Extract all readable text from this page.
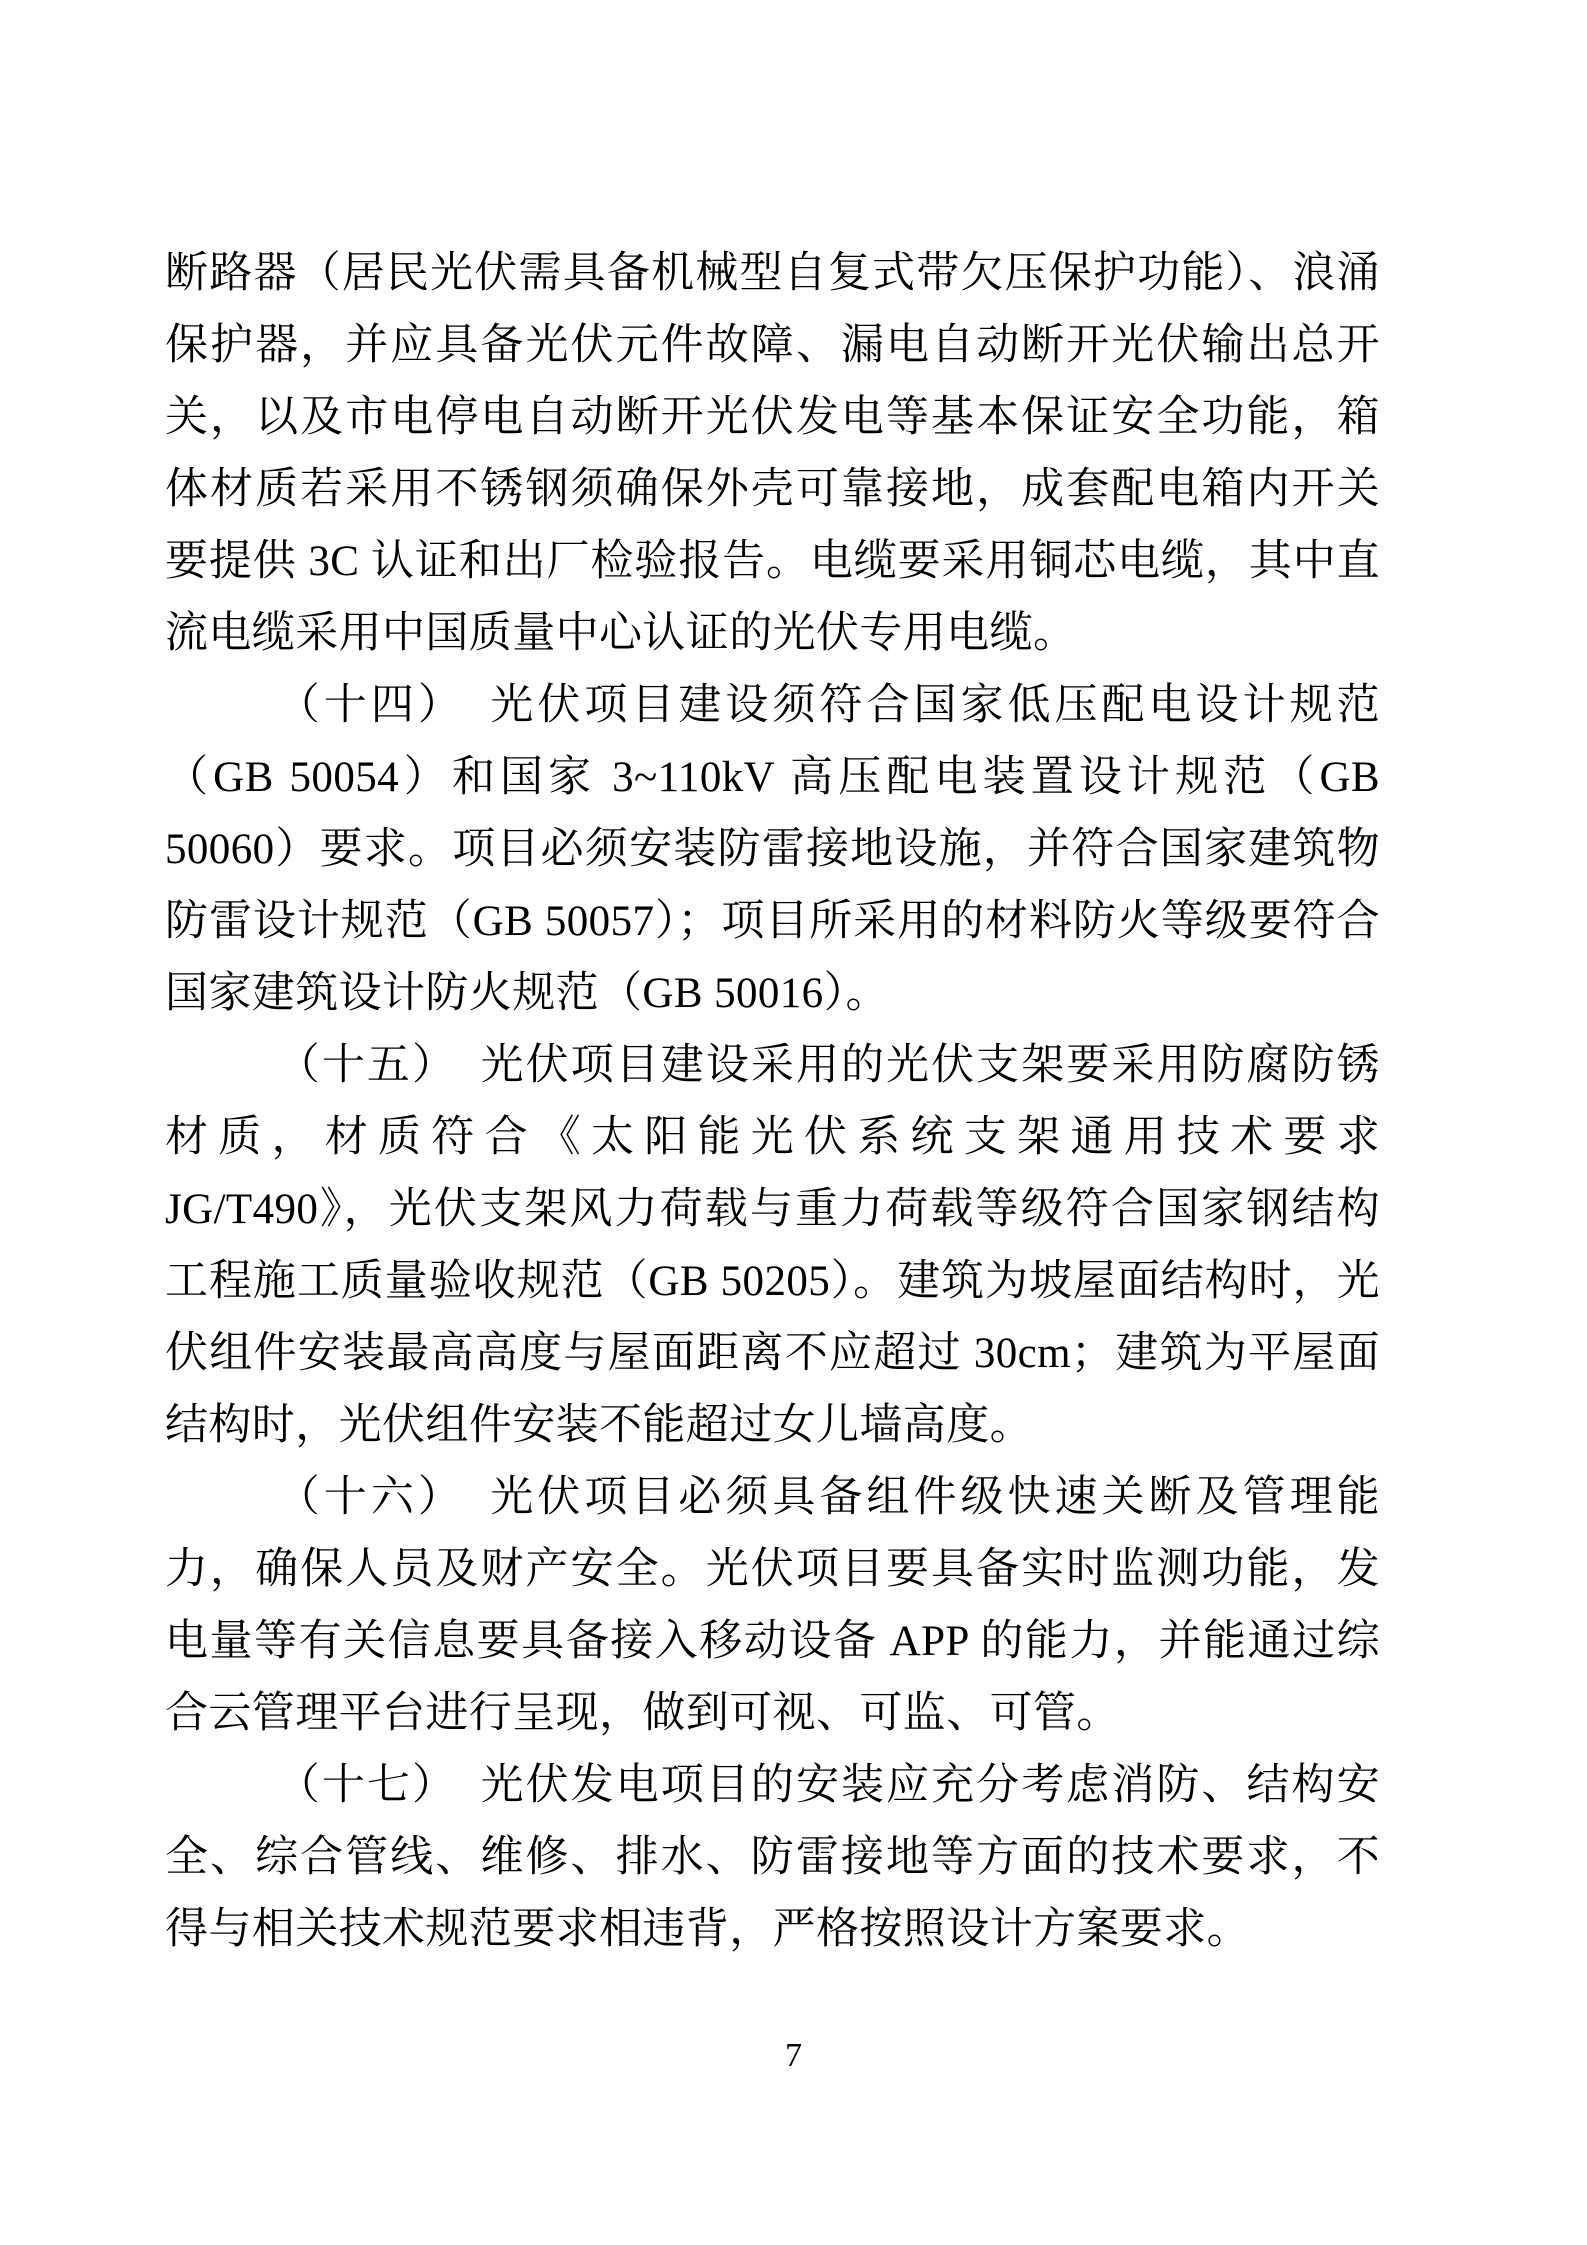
断路器（居民光伏需具备机械型自复式带欠压保护功能）、浪涌保护器，并应具备光伏元件故障、漏电自动断开光伏输出总开关，以及市电停电自动断开光伏发电等基本保证安全功能，箱体材质若采用不锈钢须确保外壳可靠接地，成套配电箱内开关要提供 3C 认证和出厂检验报告。电缆要采用铜芯电缆，其中直流电缆采用中国质量中心认证的光伏专用电缆。

（十四）　光伏项目建设须符合国家低压配电设计规范（GB 50054）和国家 3~110kV 高压配电装置设计规范（GB 50060）要求。项目必须安装防雷接地设施，并符合国家建筑物防雷设计规范（GB 50057）；项目所采用的材料防火等级要符合国家建筑设计防火规范（GB 50016）。

（十五）　光伏项目建设采用的光伏支架要采用防腐防锈材质，材质符合《太阳能光伏系统支架通用技术要求 JG/T490》，光伏支架风力荷载与重力荷载等级符合国家钢结构工程施工质量验收规范（GB 50205）。建筑为坡屋面结构时，光伏组件安装最高高度与屋面距离不应超过 30cm；建筑为平屋面结构时，光伏组件安装不能超过女儿墙高度。

（十六）　光伏项目必须具备组件级快速关断及管理能力，确保人员及财产安全。光伏项目要具备实时监测功能，发电量等有关信息要具备接入移动设备 APP 的能力，并能通过综合云管理平台进行呈现，做到可视、可监、可管。

（十七）　光伏发电项目的安装应充分考虑消防、结构安全、综合管线、维修、排水、防雷接地等方面的技术要求，不得与相关技术规范要求相违背，严格按照设计方案要求。

7
